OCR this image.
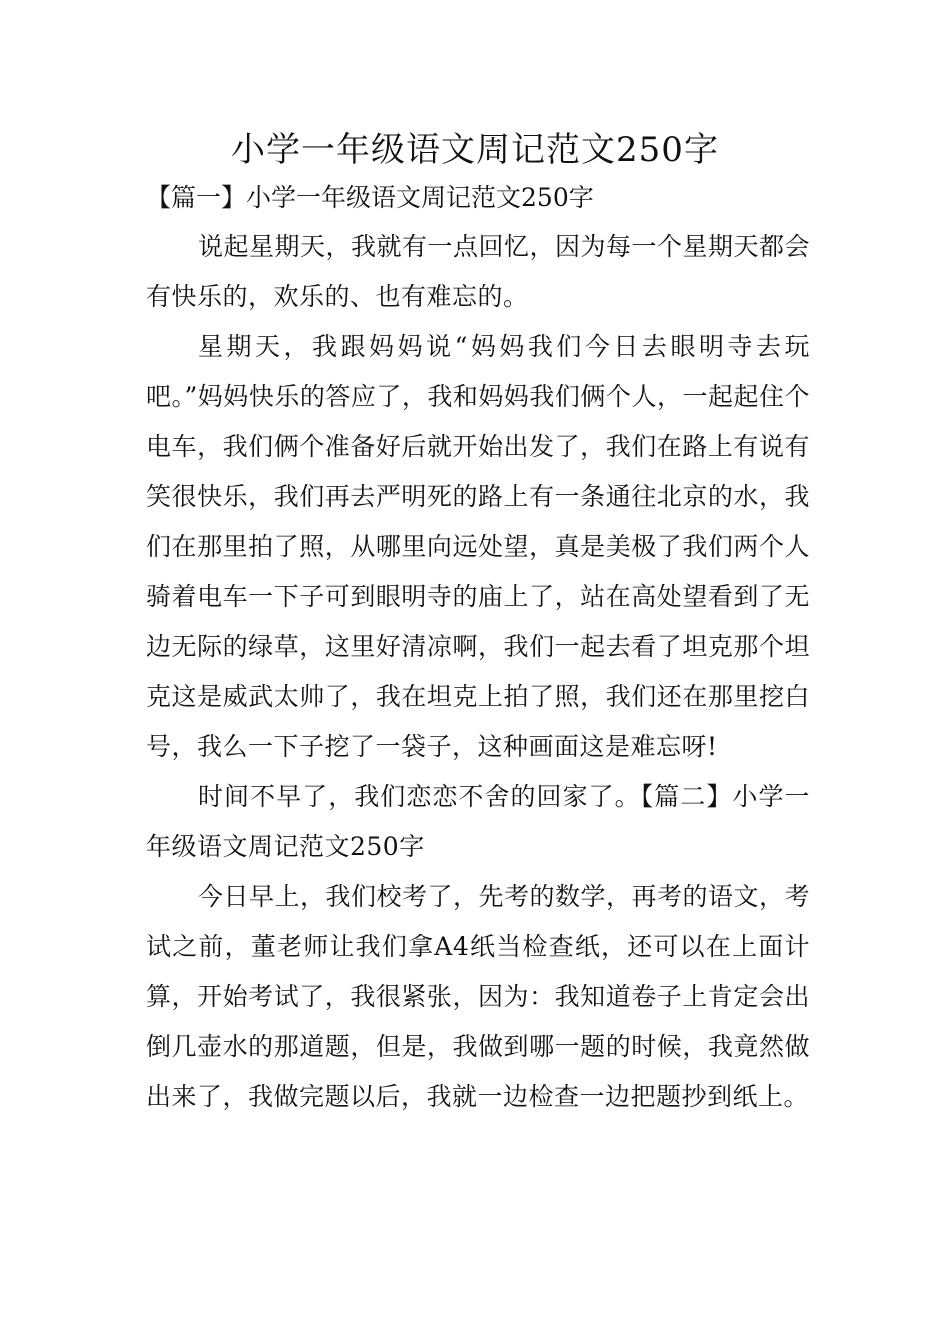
小学一年级语文周记范文250字
【篇一】小学一年级语文周记范文250字

说起星期天，我就有一点回忆，因为每一个星期天都会有快乐的，欢乐的、也有难忘的。

星期天，我跟妈妈说“妈妈我们今日去眼明寺去玩吧。”妈妈快乐的答应了，我和妈妈我们俩个人，一起起住个电车，我们俩个准备好后就开始出发了，我们在路上有说有笑很快乐，我们再去严明死的路上有一条通往北京的水，我们在那里拍了照，从哪里向远处望，真是美极了我们两个人骑着电车一下子可到眼明寺的庙上了，站在高处望看到了无边无际的绿草，这里好清凉啊，我们一起去看了坦克那个坦克这是威武太帅了，我在坦克上拍了照，我们还在那里挖白号，我么一下子挖了一袋子，这种画面这是难忘呀!

时间不早了，我们恋恋不舍的回家了。【篇二】小学一年级语文周记范文250字

今日早上，我们校考了，先考的数学，再考的语文，考试之前，董老师让我们拿A4纸当检查纸，还可以在上面计算，开始考试了，我很紧张，因为：我知道卷子上肯定会出倒几壶水的那道题，但是，我做到哪一题的时候，我竟然做出来了，我做完题以后，我就一边检查一边把题抄到纸上。
